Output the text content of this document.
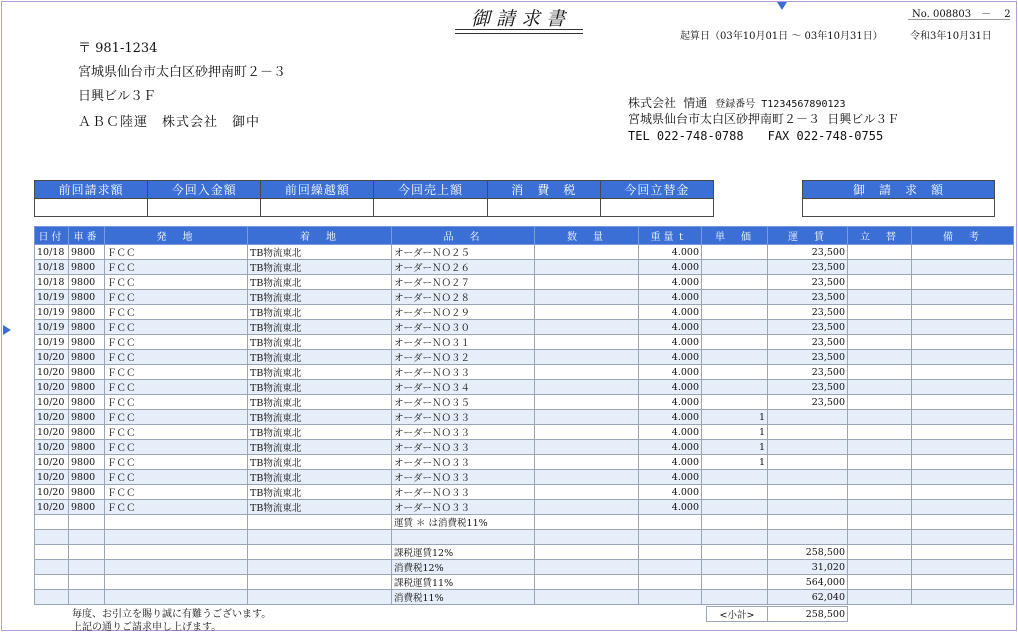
御請求書	No. 008803　－　 2
起算日（03年10月01日 ～ 03年10月31日）	令和3年10月31日
〒 981-1234
宮城県仙台市太白区砂押南町２－３
日興ビル３Ｆ
ＡＢＣ陸運　株式会社　御中
株式会社 情通 登録番号 T1234567890123
宮城県仙台市太白区砂押南町２－３ 日興ビル３Ｆ
TEL 022-748-0788　　FAX 022-748-0755
前回請求額	今回入金額	前回繰越額	今回売上額	消　費　税	今回立替金
						御　請　求　額

日付	車番	発　地	着　地	品　名	数　量	重量ｔ	単　価	運　賃	立　替	備　考
10/18	9800	ＦＣＣ	TB物流東北	オーダーＮＯ２５		4.000		23,500		
10/18	9800	ＦＣＣ	TB物流東北	オーダーＮＯ２６		4.000		23,500		
10/18	9800	ＦＣＣ	TB物流東北	オーダーＮＯ２７		4.000		23,500		
10/19	9800	ＦＣＣ	TB物流東北	オーダーＮＯ２８		4.000		23,500		
10/19	9800	ＦＣＣ	TB物流東北	オーダーＮＯ２９		4.000		23,500		
10/19	9800	ＦＣＣ	TB物流東北	オーダーＮＯ３０		4.000		23,500		
10/19	9800	ＦＣＣ	TB物流東北	オーダーＮＯ３１		4.000		23,500		
10/20	9800	ＦＣＣ	TB物流東北	オーダーＮＯ３２		4.000		23,500		
10/20	9800	ＦＣＣ	TB物流東北	オーダーＮＯ３３		4.000		23,500		
10/20	9800	ＦＣＣ	TB物流東北	オーダーＮＯ３４		4.000		23,500		
10/20	9800	ＦＣＣ	TB物流東北	オーダーＮＯ３５		4.000		23,500		
10/20	9800	ＦＣＣ	TB物流東北	オーダーＮＯ３３		4.000	1			
10/20	9800	ＦＣＣ	TB物流東北	オーダーＮＯ３３		4.000	1			
10/20	9800	ＦＣＣ	TB物流東北	オーダーＮＯ３３		4.000	1			
10/20	9800	ＦＣＣ	TB物流東北	オーダーＮＯ３３		4.000	1			
10/20	9800	ＦＣＣ	TB物流東北	オーダーＮＯ３３		4.000				
10/20	9800	ＦＣＣ	TB物流東北	オーダーＮＯ３３		4.000				
10/20	9800	ＦＣＣ	TB物流東北	オーダーＮＯ３３		4.000				
				運賃 ＊ は消費税11%						

				課税運賃12%				258,500		
				消費税12%				31,020		
				課税運賃11%				564,000		
				消費税11%				62,040		
毎度、お引立を賜り誠に有難うございます。
上記の通りご請求申し上げます。
<小計>	258,500
